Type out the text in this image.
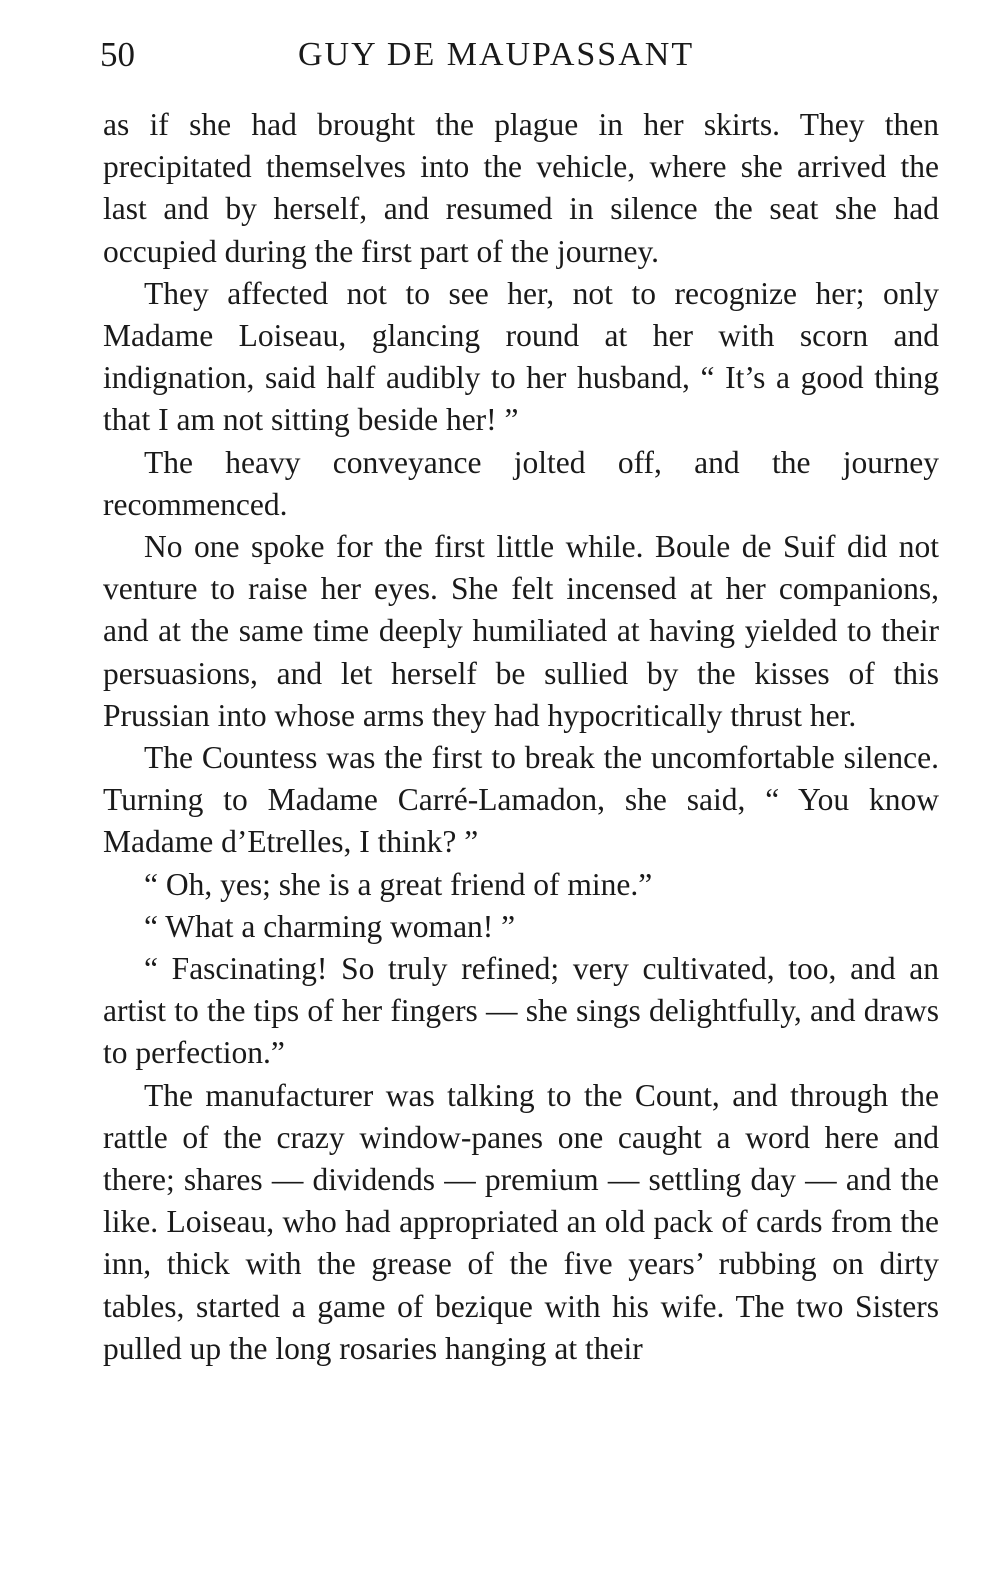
50	GUY DE MAUPASSANT

as if she had brought the plague in her skirts. They then precipitated themselves into the vehicle, where she arrived the last and by herself, and resumed in silence the seat she had occupied during the first part of the journey.

They affected not to see her, not to recognize her; only Madame Loiseau, glancing round at her with scorn and indignation, said half audibly to her husband, “ It’s a good thing that I am not sitting beside her! ”

The heavy conveyance jolted off, and the journey recommenced.

No one spoke for the first little while. Boule de Suif did not venture to raise her eyes. She felt incensed at her companions, and at the same time deeply humiliated at having yielded to their persuasions, and let herself be sullied by the kisses of this Prussian into whose arms they had hypocritically thrust her.

The Countess was the first to break the uncomfortable silence. Turning to Madame Carré-Lamadon, she said, “ You know Madame d’Etrelles, I think? ”

“ Oh, yes; she is a great friend of mine.”

“ What a charming woman! ”

“ Fascinating! So truly refined; very cultivated, too, and an artist to the tips of her fingers — she sings delightfully, and draws to perfection.”

The manufacturer was talking to the Count, and through the rattle of the crazy window-panes one caught a word here and there; shares — dividends — premium — settling day — and the like. Loiseau, who had appropriated an old pack of cards from the inn, thick with the grease of the five years’ rubbing on dirty tables, started a game of bezique with his wife. The two Sisters pulled up the long rosaries hanging at their
